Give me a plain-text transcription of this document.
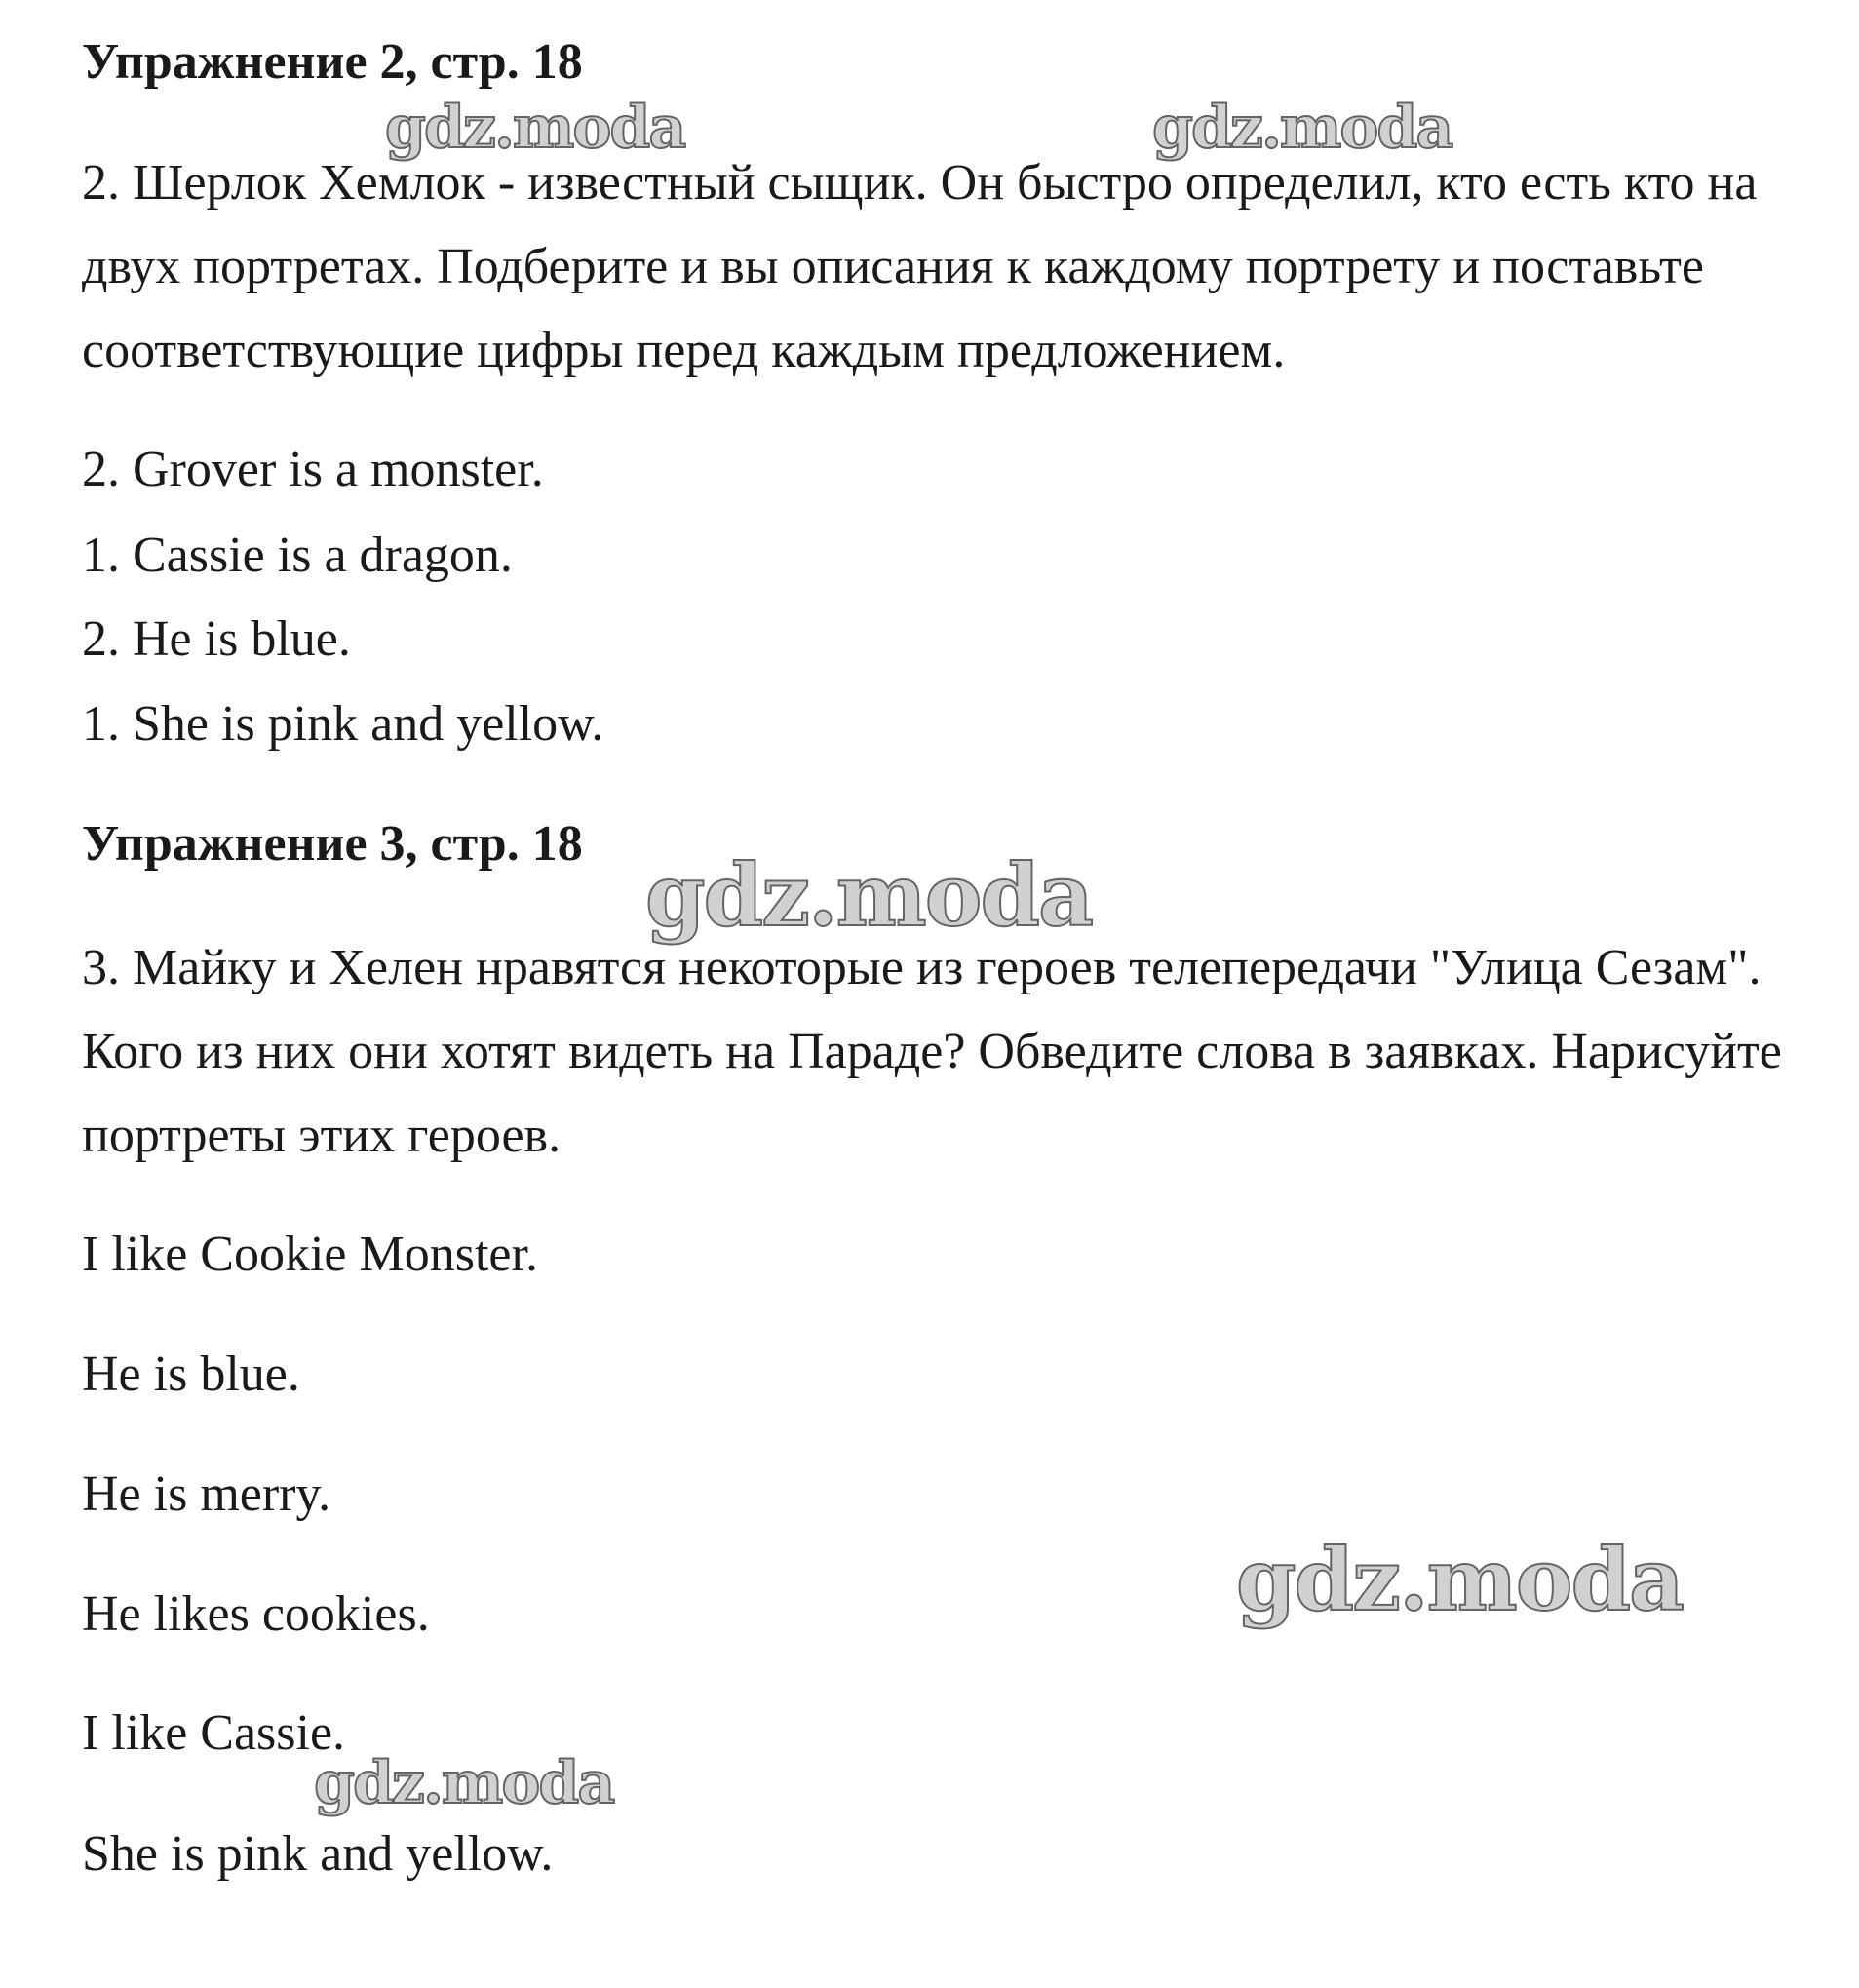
Упражнение 2, стр. 18
2. Шерлок Хемлок - известный сыщик. Он быстро определил, кто есть кто на двух портретах. Подберите и вы описания к каждому портрету и поставьте соответствующие цифры перед каждым предложением.
2. Grover is a monster.
1. Cassie is a dragon.
2. He is blue.
1. She is pink and yellow.
Упражнение 3, стр. 18
3. Майку и Хелен нравятся некоторые из героев телепередачи "Улица Сезам". Кого из них они хотят видеть на Параде? Обведите слова в заявках. Нарисуйте портреты этих героев.
I like Cookie Monster.
He is blue.
He is merry.
He likes cookies.
I like Cassie.
She is pink and yellow.
gdz.moda	gdz.moda
gdz.moda
gdz.moda
gdz.moda
